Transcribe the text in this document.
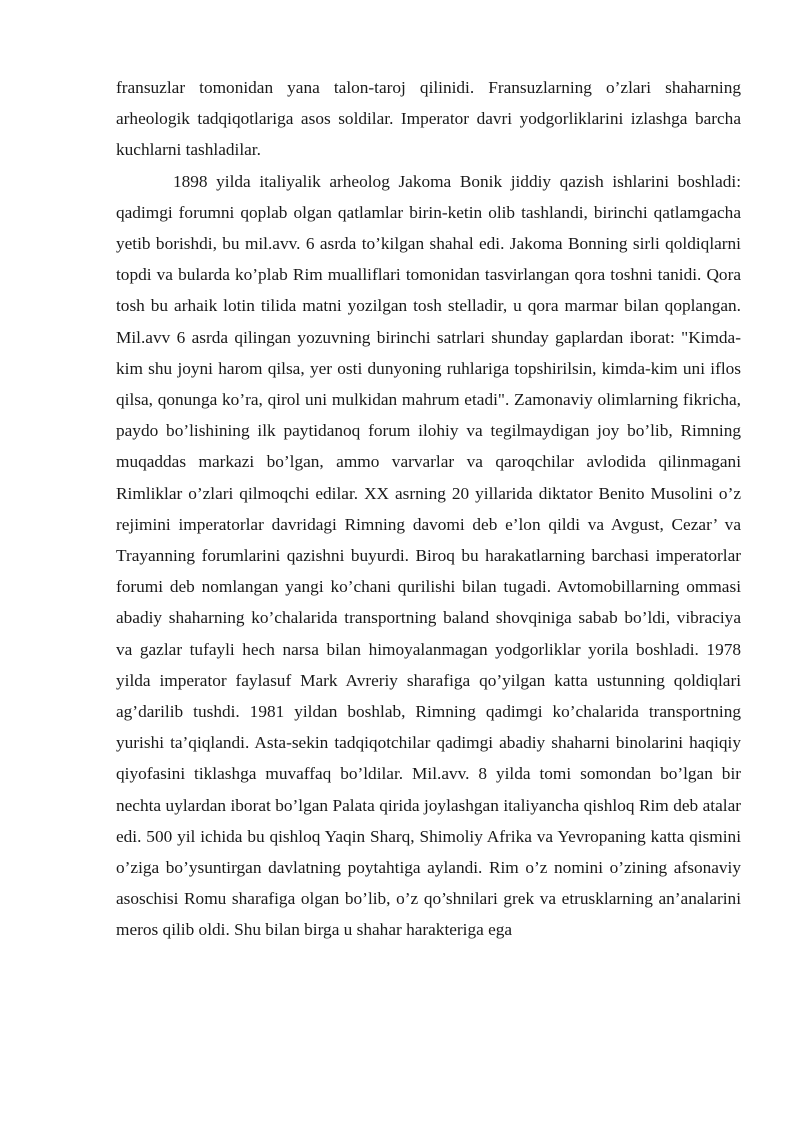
fransuzlar tomonidan yana talon-taroj qilinidi. Fransuzlarning o’zlari shaharning arheologik tadqiqotlariga asos soldilar. Imperator davri yodgorliklarini izlashga barcha kuchlarni tashladilar.

1898 yilda italiyalik arheolog Jakoma Bonik jiddiy qazish ishlarini boshladi: qadimgi forumni qoplab olgan qatlamlar birin-ketin olib tashlandi, birinchi qatlamgacha yetib borishdi, bu mil.avv. 6 asrda to’kilgan shahal edi. Jakoma Bonning sirli qoldiqlarni topdi va bularda ko’plab Rim mualliflari tomonidan tasvirlangan qora toshni tanidi. Qora tosh bu arhaik lotin tilida matni yozilgan tosh stelladir, u qora marmar bilan qoplangan. Mil.avv 6 asrda qilingan yozuvning birinchi satrlari shunday gaplardan iborat: "Kimda-kim shu joyni harom qilsa, yer osti dunyoning ruhlariga topshirilsin, kimda-kim uni iflos qilsa, qonunga ko’ra, qirol uni mulkidan mahrum etadi". Zamonaviy olimlarning fikricha, paydo bo’lishining ilk paytidanoq forum ilohiy va tegilmaydigan joy bo’lib, Rimning muqaddas markazi bo’lgan, ammo varvarlar va qaroqchilar avlodida qilinmagani Rimliklar o’zlari qilmoqchi edilar. XX asrning 20 yillarida diktator Benito Musolini o’z rejimini imperatorlar davridagi Rimning davomi deb e’lon qildi va Avgust, Cezar’ va Trayanning forumlarini qazishni buyurdi. Biroq bu harakatlarning barchasi imperatorlar forumi deb nomlangan yangi ko’chani qurilishi bilan tugadi. Avtomobillarning ommasi abadiy shaharning ko’chalarida transportning baland shovqiniga sabab bo’ldi, vibraciya va gazlar tufayli hech narsa bilan himoyalanmagan yodgorliklar yorila boshladi. 1978 yilda imperator faylasuf Mark Avreriy sharafiga qo’yilgan katta ustunning qoldiqlari ag’darilib tushdi. 1981 yildan boshlab, Rimning qadimgi ko’chalarida transportning yurishi ta’qiqlandi. Asta-sekin tadqiqotchilar qadimgi abadiy shaharni binolarini haqiqiy qiyofasini tiklashga muvaffaq bo’ldilar. Mil.avv. 8 yilda tomi somondan bo’lgan bir nechta uylardan iborat bo’lgan Palata qirida joylashgan italiyancha qishloq Rim deb atalar edi. 500 yil ichida bu qishloq Yaqin Sharq, Shimoliy Afrika va Yevropaning katta qismini o’ziga bo’ysuntirgan davlatning poytahtiga aylandi. Rim o’z nomini o’zining afsonaviy asoschisi Romu sharafiga olgan bo’lib, o’z qo’shnilari grek va etrusklarning an’analarini meros qilib oldi. Shu bilan birga u shahar harakteriga ega
